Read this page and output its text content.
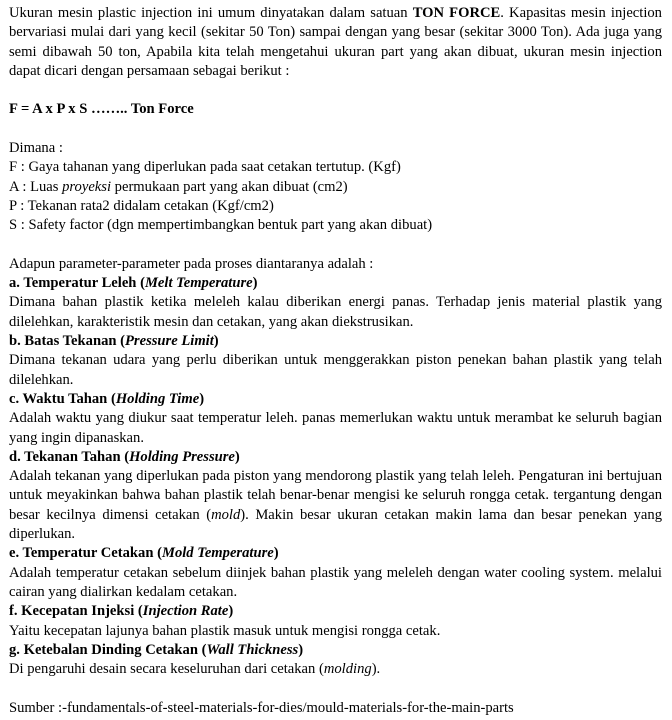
Ukuran mesin plastic injection ini umum dinyatakan dalam satuan TON FORCE. Kapasitas mesin injection bervariasi mulai dari yang kecil (sekitar 50 Ton) sampai dengan yang besar (sekitar 3000 Ton). Ada juga yang semi dibawah 50 ton, Apabila kita telah mengetahui ukuran part yang akan dibuat, ukuran mesin injection dapat dicari dengan persamaan sebagai berikut :

F = A x P x S …….. Ton Force

Dimana :

F : Gaya tahanan yang diperlukan pada saat cetakan tertutup. (Kgf)

A : Luas proyeksi permukaan part yang akan dibuat (cm2)

P : Tekanan rata2 didalam cetakan (Kgf/cm2)

S : Safety factor (dgn mempertimbangkan bentuk part yang akan dibuat)

Adapun parameter-parameter pada proses diantaranya adalah :

a. Temperatur Leleh (Melt Temperature)

Dimana bahan plastik ketika meleleh kalau diberikan energi panas. Terhadap jenis material plastik yang dilelehkan, karakteristik mesin dan cetakan, yang akan diekstrusikan.

b. Batas Tekanan (Pressure Limit)

Dimana tekanan udara yang perlu diberikan untuk menggerakkan piston penekan bahan plastik yang telah dilelehkan.

c. Waktu Tahan (Holding Time)

Adalah waktu yang diukur saat temperatur leleh. panas memerlukan waktu untuk merambat ke seluruh bagian yang ingin dipanaskan.

d. Tekanan Tahan (Holding Pressure)

Adalah tekanan yang diperlukan pada piston yang mendorong plastik yang telah leleh. Pengaturan ini bertujuan untuk meyakinkan bahwa bahan plastik telah benar-benar mengisi ke seluruh rongga cetak. tergantung dengan besar kecilnya dimensi cetakan (mold). Makin besar ukuran cetakan makin lama dan besar penekan yang diperlukan.

e. Temperatur Cetakan (Mold Temperature)

Adalah temperatur cetakan sebelum diinjek bahan plastik yang meleleh dengan water cooling system. melalui cairan yang dialirkan kedalam cetakan.

f. Kecepatan Injeksi (Injection Rate)

Yaitu kecepatan lajunya bahan plastik masuk untuk mengisi rongga cetak.

g. Ketebalan Dinding Cetakan (Wall Thickness)

Di pengaruhi desain secara keseluruhan dari cetakan (molding).

Sumber :-fundamentals-of-steel-materials-for-dies/mould-materials-for-the-main-parts
